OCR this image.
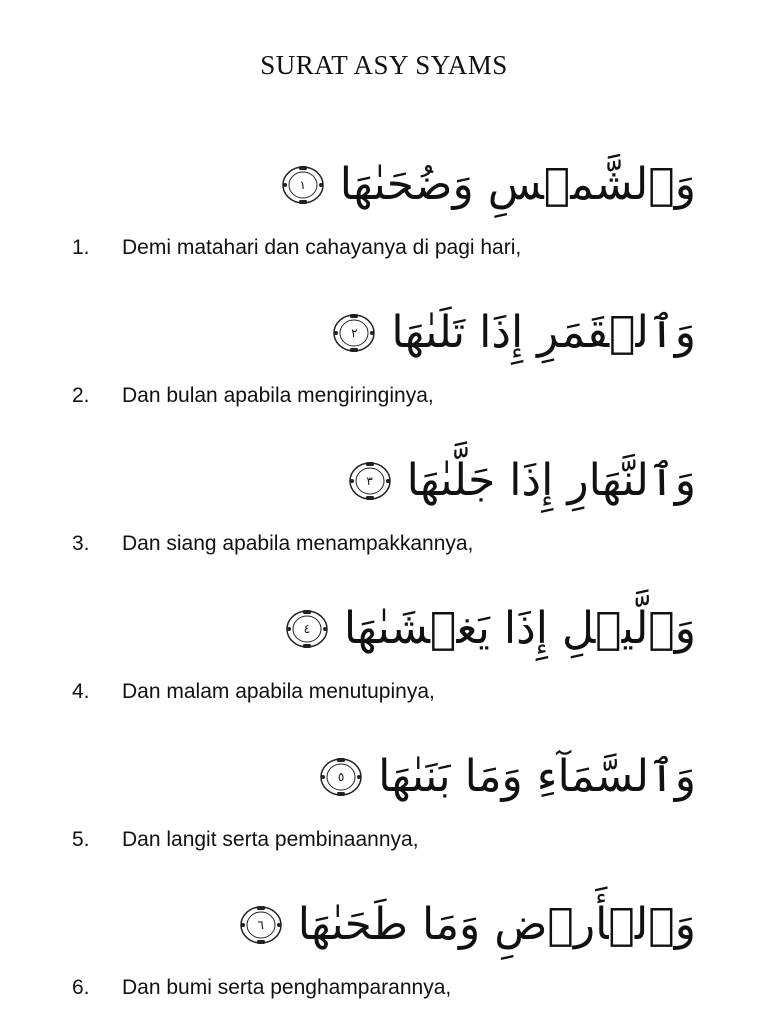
SURAT ASY SYAMS
وَٱلشَّمۡسِ وَضُحَىٰهَا
١
1. Demi matahari dan cahayanya di pagi hari,
وَٱلۡقَمَرِ إِذَا تَلَىٰهَا
٢
2. Dan bulan apabila mengiringinya,
وَٱلنَّهَارِ إِذَا جَلَّىٰهَا
٣
3. Dan siang apabila menampakkannya,
وَٱلَّيۡلِ إِذَا يَغۡشَىٰهَا
٤
4. Dan malam apabila menutupinya,
وَٱلسَّمَآءِ وَمَا بَنَىٰهَا
٥
5. Dan langit serta pembinaannya,
وَٱلۡأَرۡضِ وَمَا طَحَىٰهَا
٦
6. Dan bumi serta penghamparannya,
